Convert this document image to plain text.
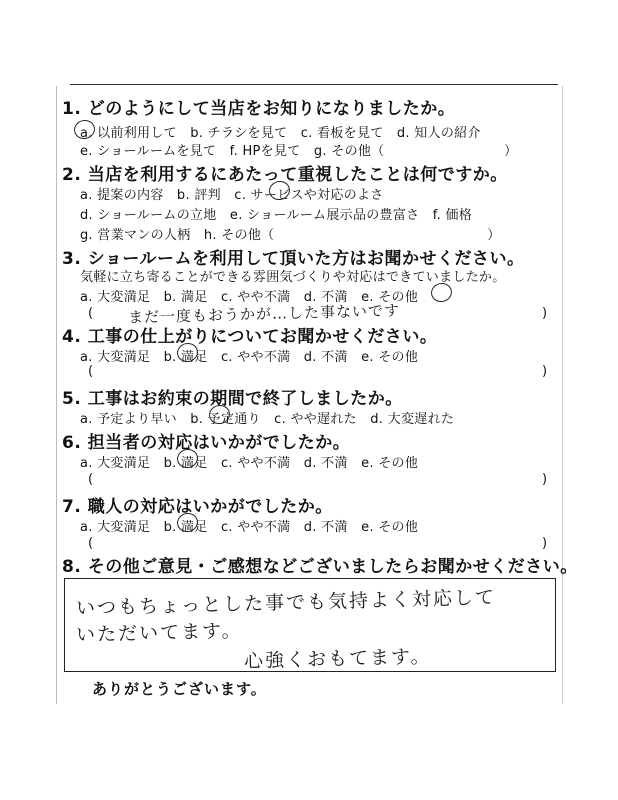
1. どのようにして当店をお知りになりましたか。
a. 以前利用して　b. チラシを見て　c. 看板を見て　d. 知人の紹介
e. ショールームを見て　f. HPを見て　g. その他（　　　　　　　　　）
2. 当店を利用するにあたって重視したことは何ですか。
a. 提案の内容　b. 評判　c. サービスや対応のよさ
d. ショールームの立地　e. ショールーム展示品の豊富さ　f. 価格
g. 営業マンの人柄　h. その他（　　　　　　　　　　　　　　　　）
3. ショールームを利用して頂いた方はお聞かせください。
気軽に立ち寄ることができる雰囲気づくりや対応はできていましたか。
a. 大変満足　b. 満足　c. やや不満　d. 不満　e. その他
(	)
まだ一度もおうかが…した事ないです
4. 工事の仕上がりについてお聞かせください。
a. 大変満足　b. 満足　c. やや不満　d. 不満　e. その他
(	)
5. 工事はお約束の期間で終了しましたか。
a. 予定より早い　b. 予定通り　c. やや遅れた　d. 大変遅れた
6. 担当者の対応はいかがでしたか。
a. 大変満足　b. 満足　c. やや不満　d. 不満　e. その他
(	)
7. 職人の対応はいかがでしたか。
a. 大変満足　b. 満足　c. やや不満　d. 不満　e. その他
(	)
8. その他ご意見・ご感想などございましたらお聞かせください。
いつもちょっとした事でも気持よく対応して
いただいてます。
心強くおもてます。
ありがとうございます。
